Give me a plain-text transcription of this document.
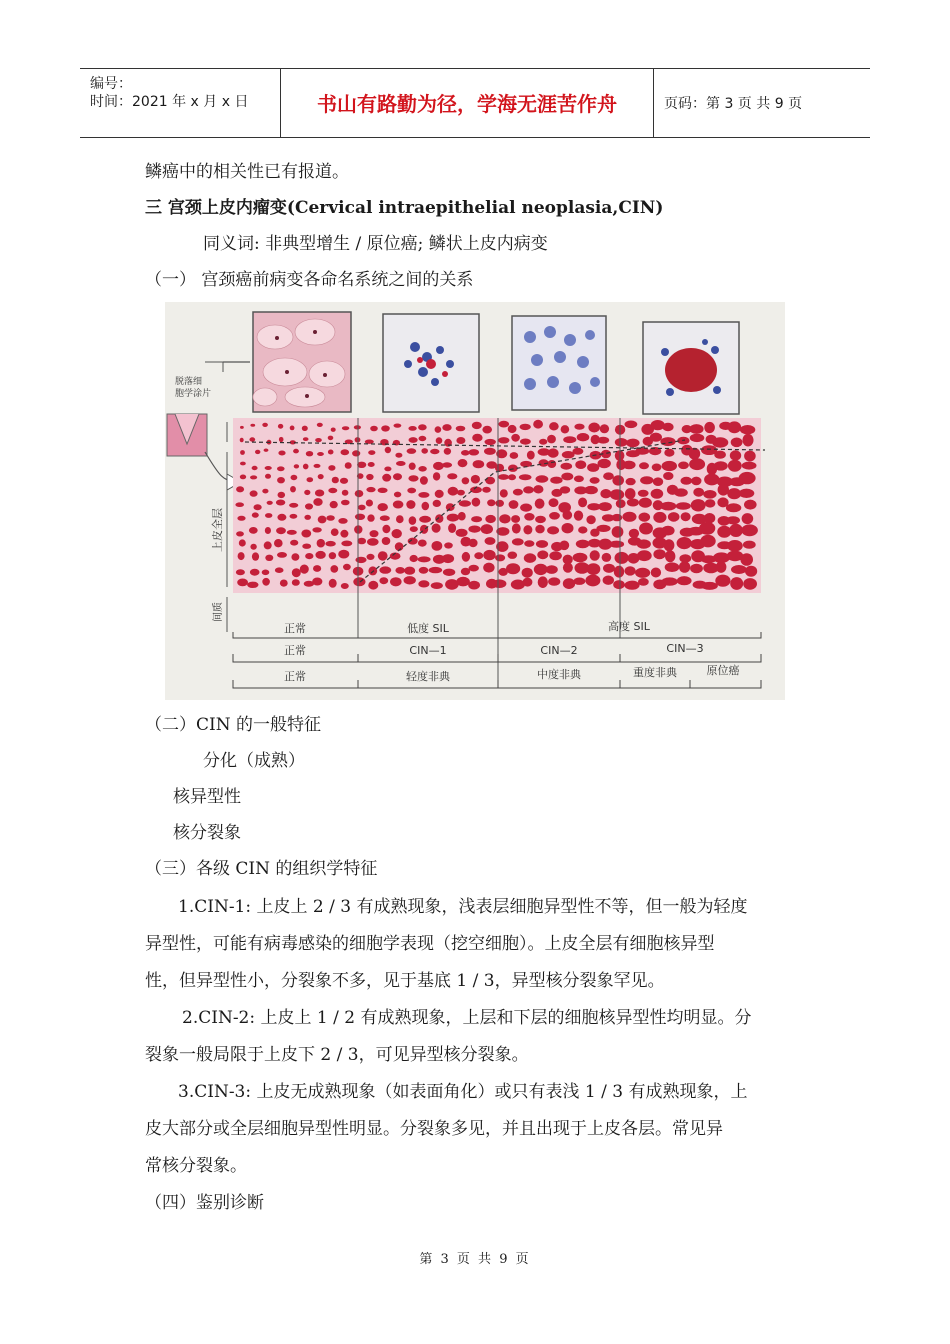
编号：
时间：2021 年 x 月 x 日	书山有路勤为径，学海无涯苦作舟	页码：第 3 页 共 9 页
鳞癌中的相关性已有报道。
三 宫颈上皮内瘤变(Cervical intraepithelial neoplasia,CIN)
同义词: 非典型增生 / 原位癌; 鳞状上皮内病变
（一） 宫颈癌前病变各命名系统之间的关系
脱落细
胞学涂片
上皮全层
间质
正常	低度 SIL	高度 SIL
正常	CIN—1	CIN—2	CIN—3
正常	轻度非典	中度非典	重度非典	原位癌
（二）CIN 的一般特征
分化（成熟）
核异型性
核分裂象
（三）各级 CIN 的组织学特征
1.CIN-1: 上皮上 2 / 3 有成熟现象，浅表层细胞异型性不等，但一般为轻度
异型性，可能有病毒感染的细胞学表现（挖空细胞）。上皮全层有细胞核异型
性，但异型性小，分裂象不多，见于基底 1 / 3，异型核分裂象罕见。
2.CIN-2: 上皮上 1 / 2 有成熟现象，上层和下层的细胞核异型性均明显。分
裂象一般局限于上皮下 2 / 3，可见异型核分裂象。
3.CIN-3: 上皮无成熟现象（如表面角化）或只有表浅 1 / 3 有成熟现象，上
皮大部分或全层细胞异型性明显。分裂象多见，并且出现于上皮各层。常见异
常核分裂象。
（四）鉴别诊断
第 3 页 共 9 页
